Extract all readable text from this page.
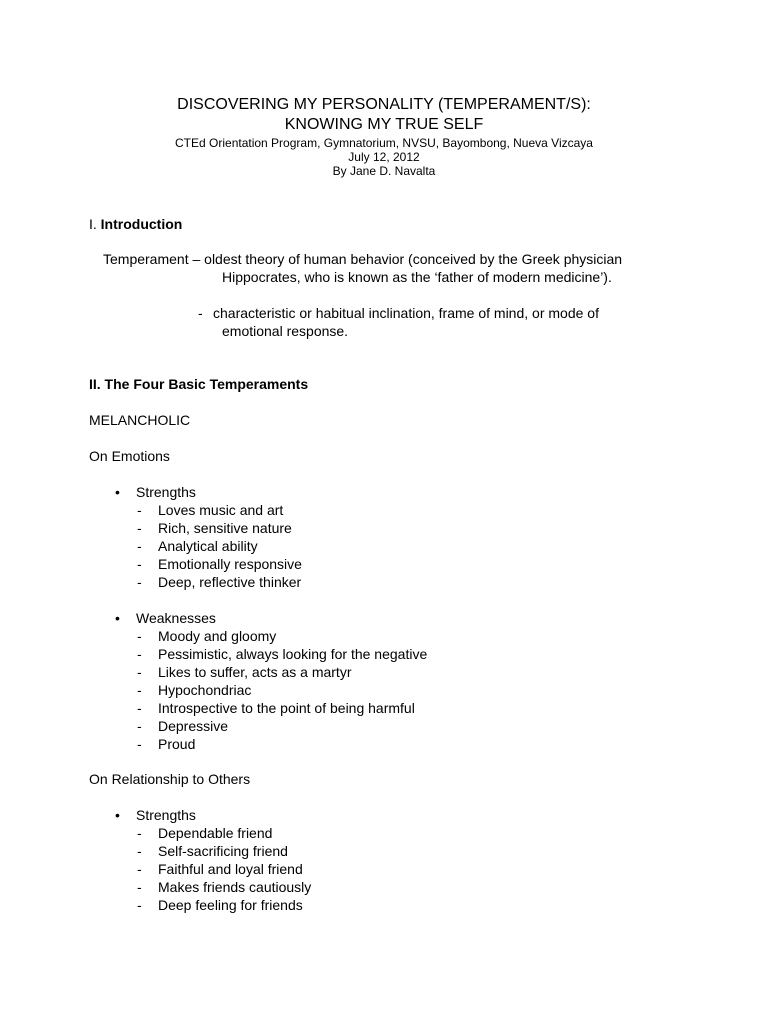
DISCOVERING MY PERSONALITY (TEMPERAMENT/S):
KNOWING MY TRUE SELF
CTEd Orientation Program, Gymnatorium, NVSU, Bayombong, Nueva Vizcaya
July 12, 2012
By Jane D. Navalta
I. Introduction
Temperament – oldest theory of human behavior (conceived by the Greek physician
Hippocrates, who is known as the ‘father of modern medicine’).
- characteristic or habitual inclination, frame of mind, or mode of
emotional response.
II. The Four Basic Temperaments
MELANCHOLIC
On Emotions
• Strengths
- Loves music and art
- Rich, sensitive nature
- Analytical ability
- Emotionally responsive
- Deep, reflective thinker
• Weaknesses
- Moody and gloomy
- Pessimistic, always looking for the negative
- Likes to suffer, acts as a martyr
- Hypochondriac
- Introspective to the point of being harmful
- Depressive
- Proud
On Relationship to Others
• Strengths
- Dependable friend
- Self-sacrificing friend
- Faithful and loyal friend
- Makes friends cautiously
- Deep feeling for friends
